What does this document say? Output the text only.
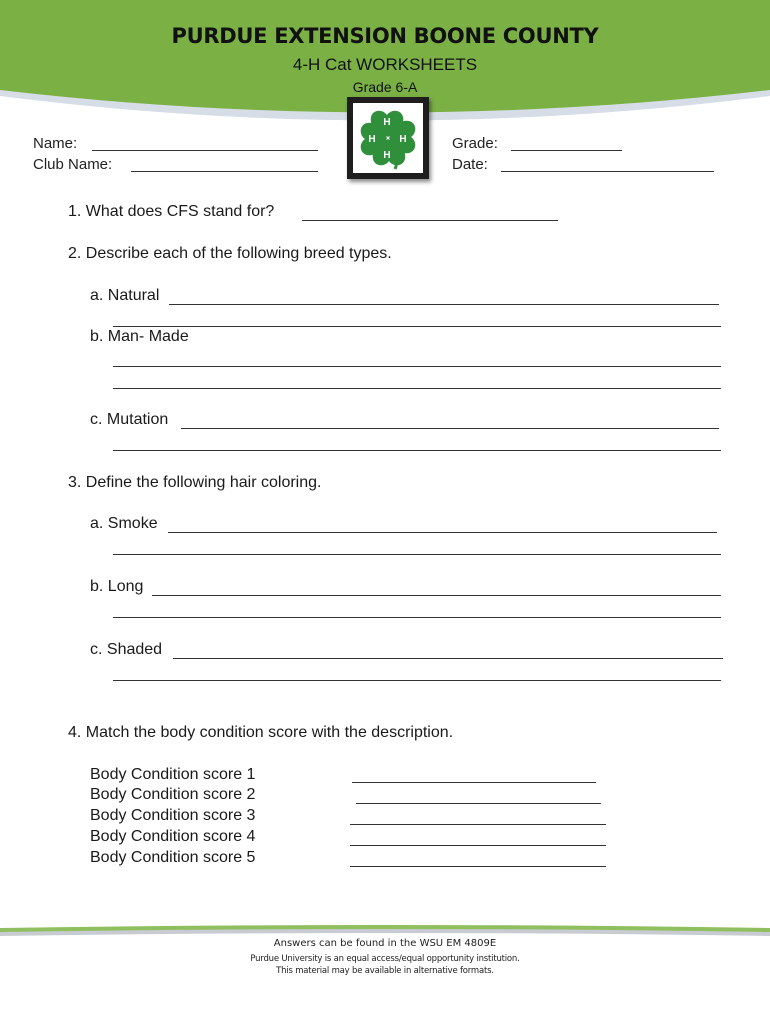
PURDUE EXTENSION BOONE COUNTY
4-H Cat WORKSHEETS
Grade 6-A
H
H
H
H
Name:
Club Name:
Grade:
Date:
1. What does CFS stand for?
2. Describe each of the following breed types.
a. Natural
b. Man- Made
c. Mutation
3. Define the following hair coloring.
a. Smoke
b. Long
c. Shaded
4. Match the body condition score with the description.
Body Condition score 1
Body Condition score 2
Body Condition score 3
Body Condition score 4
Body Condition score 5
Answers can be found in the WSU EM 4809E
Purdue University is an equal access/equal opportunity institution.
This material may be available in alternative formats.
